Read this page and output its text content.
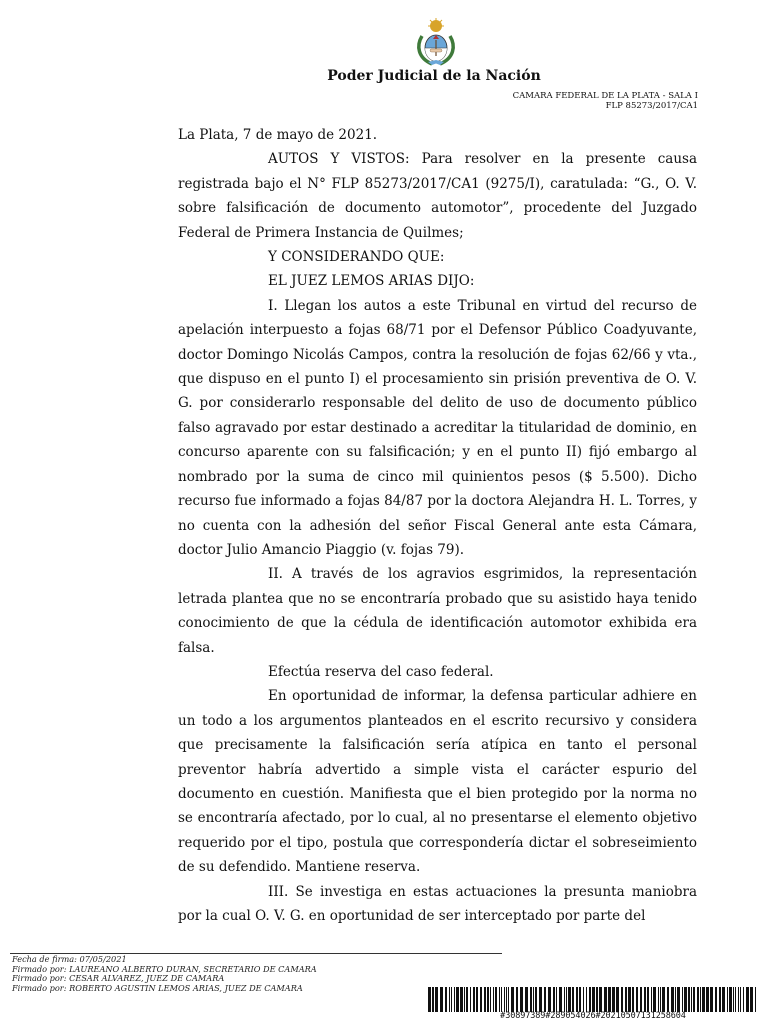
Poder Judicial de la Nación
CAMARA FEDERAL DE LA PLATA - SALA I
FLP 85273/2017/CA1

La Plata, 7 de mayo de 2021.

AUTOS Y VISTOS: Para resolver en la presente causa registrada bajo el N° FLP 85273/2017/CA1 (9275/I), caratulada: “G., O. V. sobre falsificación de documento automotor”, procedente del Juzgado Federal de Primera Instancia de Quilmes;

Y CONSIDERANDO QUE:

EL JUEZ LEMOS ARIAS DIJO:

I. Llegan los autos a este Tribunal en virtud del recurso de apelación interpuesto a fojas 68/71 por el Defensor Público Coadyuvante, doctor Domingo Nicolás Campos, contra la resolución de fojas 62/66 y vta., que dispuso en el punto I) el procesamiento sin prisión preventiva de O. V. G. por considerarlo responsable del delito de uso de documento público falso agravado por estar destinado a acreditar la titularidad de dominio, en concurso aparente con su falsificación; y en el punto II) fijó embargo al nombrado por la suma de cinco mil quinientos pesos ($ 5.500). Dicho recurso fue informado a fojas 84/87 por la doctora Alejandra H. L. Torres, y no cuenta con la adhesión del señor Fiscal General ante esta Cámara, doctor Julio Amancio Piaggio (v. fojas 79).

II. A través de los agravios esgrimidos, la representación letrada plantea que no se encontraría probado que su asistido haya tenido conocimiento de que la cédula de identificación automotor exhibida era falsa.

Efectúa reserva del caso federal.

En oportunidad de informar, la defensa particular adhiere en un todo a los argumentos planteados en el escrito recursivo y considera que precisamente la falsificación sería atípica en tanto el personal preventor habría advertido a simple vista el carácter espurio del documento en cuestión. Manifiesta que el bien protegido por la norma no se encontraría afectado, por lo cual, al no presentarse el elemento objetivo requerido por el tipo, postula que correspondería dictar el sobreseimiento de su defendido. Mantiene reserva.

III. Se investiga en estas actuaciones la presunta maniobra por la cual O. V. G. en oportunidad de ser interceptado por parte del

Fecha de firma: 07/05/2021
Firmado por: LAUREANO ALBERTO DURAN, SECRETARIO DE CAMARA
Firmado por: CESAR ALVAREZ, JUEZ DE CAMARA
Firmado por: ROBERTO AGUSTIN LEMOS ARIAS, JUEZ DE CAMARA
#30897389#289054026#20210507131258604
